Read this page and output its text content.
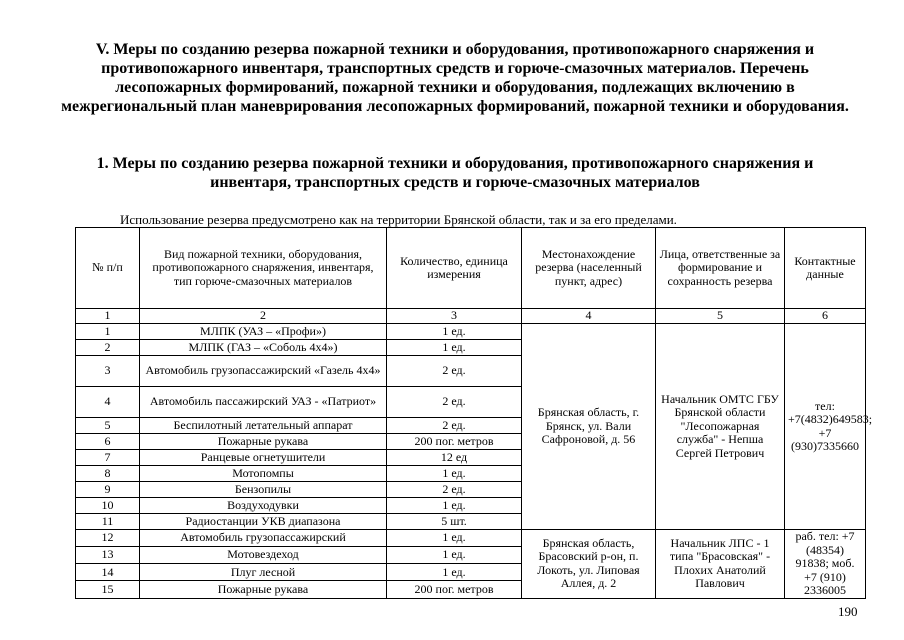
V. Меры по созданию резерва пожарной техники и оборудования, противопожарного снаряжения и противопожарного инвентаря, транспортных средств и горюче-смазочных материалов. Перечень лесопожарных формирований, пожарной техники и оборудования, подлежащих включению в межрегиональный план маневрирования лесопожарных формирований, пожарной техники и оборудования.
1. Меры по созданию резерва пожарной техники и оборудования, противопожарного снаряжения и инвентаря, транспортных средств и горюче-смазочных материалов
Использование резерва предусмотрено как на территории Брянской области, так и за его пределами.
№ п/п	Вид пожарной техники, оборудования, противопожарного снаряжения, инвентаря, тип горюче-смазочных материалов	Количество, единица измерения	Местонахождение резерва (населенный пункт, адрес)	Лица, ответственные за формирование и сохранность резерва	Контактные данные
1	2	3	4	5	6
1	МЛПК (УАЗ – «Профи»)	1 ед.	Брянская область, г. Брянск, ул. Вали Сафроновой, д. 56	Начальник ОМТС ГБУ Брянской области "Лесопожарная служба" - Непша Сергей Петрович	тел: +7(4832)649583; +7 (930)7335660
2	МЛПК (ГАЗ – «Соболь 4х4»)	1 ед.			
3	Автомобиль грузопассажирский «Газель 4х4»	2 ед.			
4	Автомобиль пассажирский УАЗ - «Патриот»	2 ед.			
5	Беспилотный летательный аппарат	2 ед.			
6	Пожарные рукава	200 пог. метров			
7	Ранцевые огнетушители	12 ед			
8	Мотопомпы	1 ед.			
9	Бензопилы	2 ед.			
10	Воздуходувки	1 ед.			
11	Радиостанции УКВ диапазона	5 шт.			
12	Автомобиль грузопассажирский	1 ед.	Брянская область, Брасовский р-он, п. Локоть, ул. Липовая Аллея, д. 2	Начальник ЛПС - 1 типа "Брасовская" - Плохих Анатолий Павлович	раб. тел: +7 (48354) 91838; моб. +7 (910) 2336005
13	Мотовездеход	1 ед.			
14	Плуг лесной	1 ед.			
15	Пожарные рукава	200 пог. метров			
190
